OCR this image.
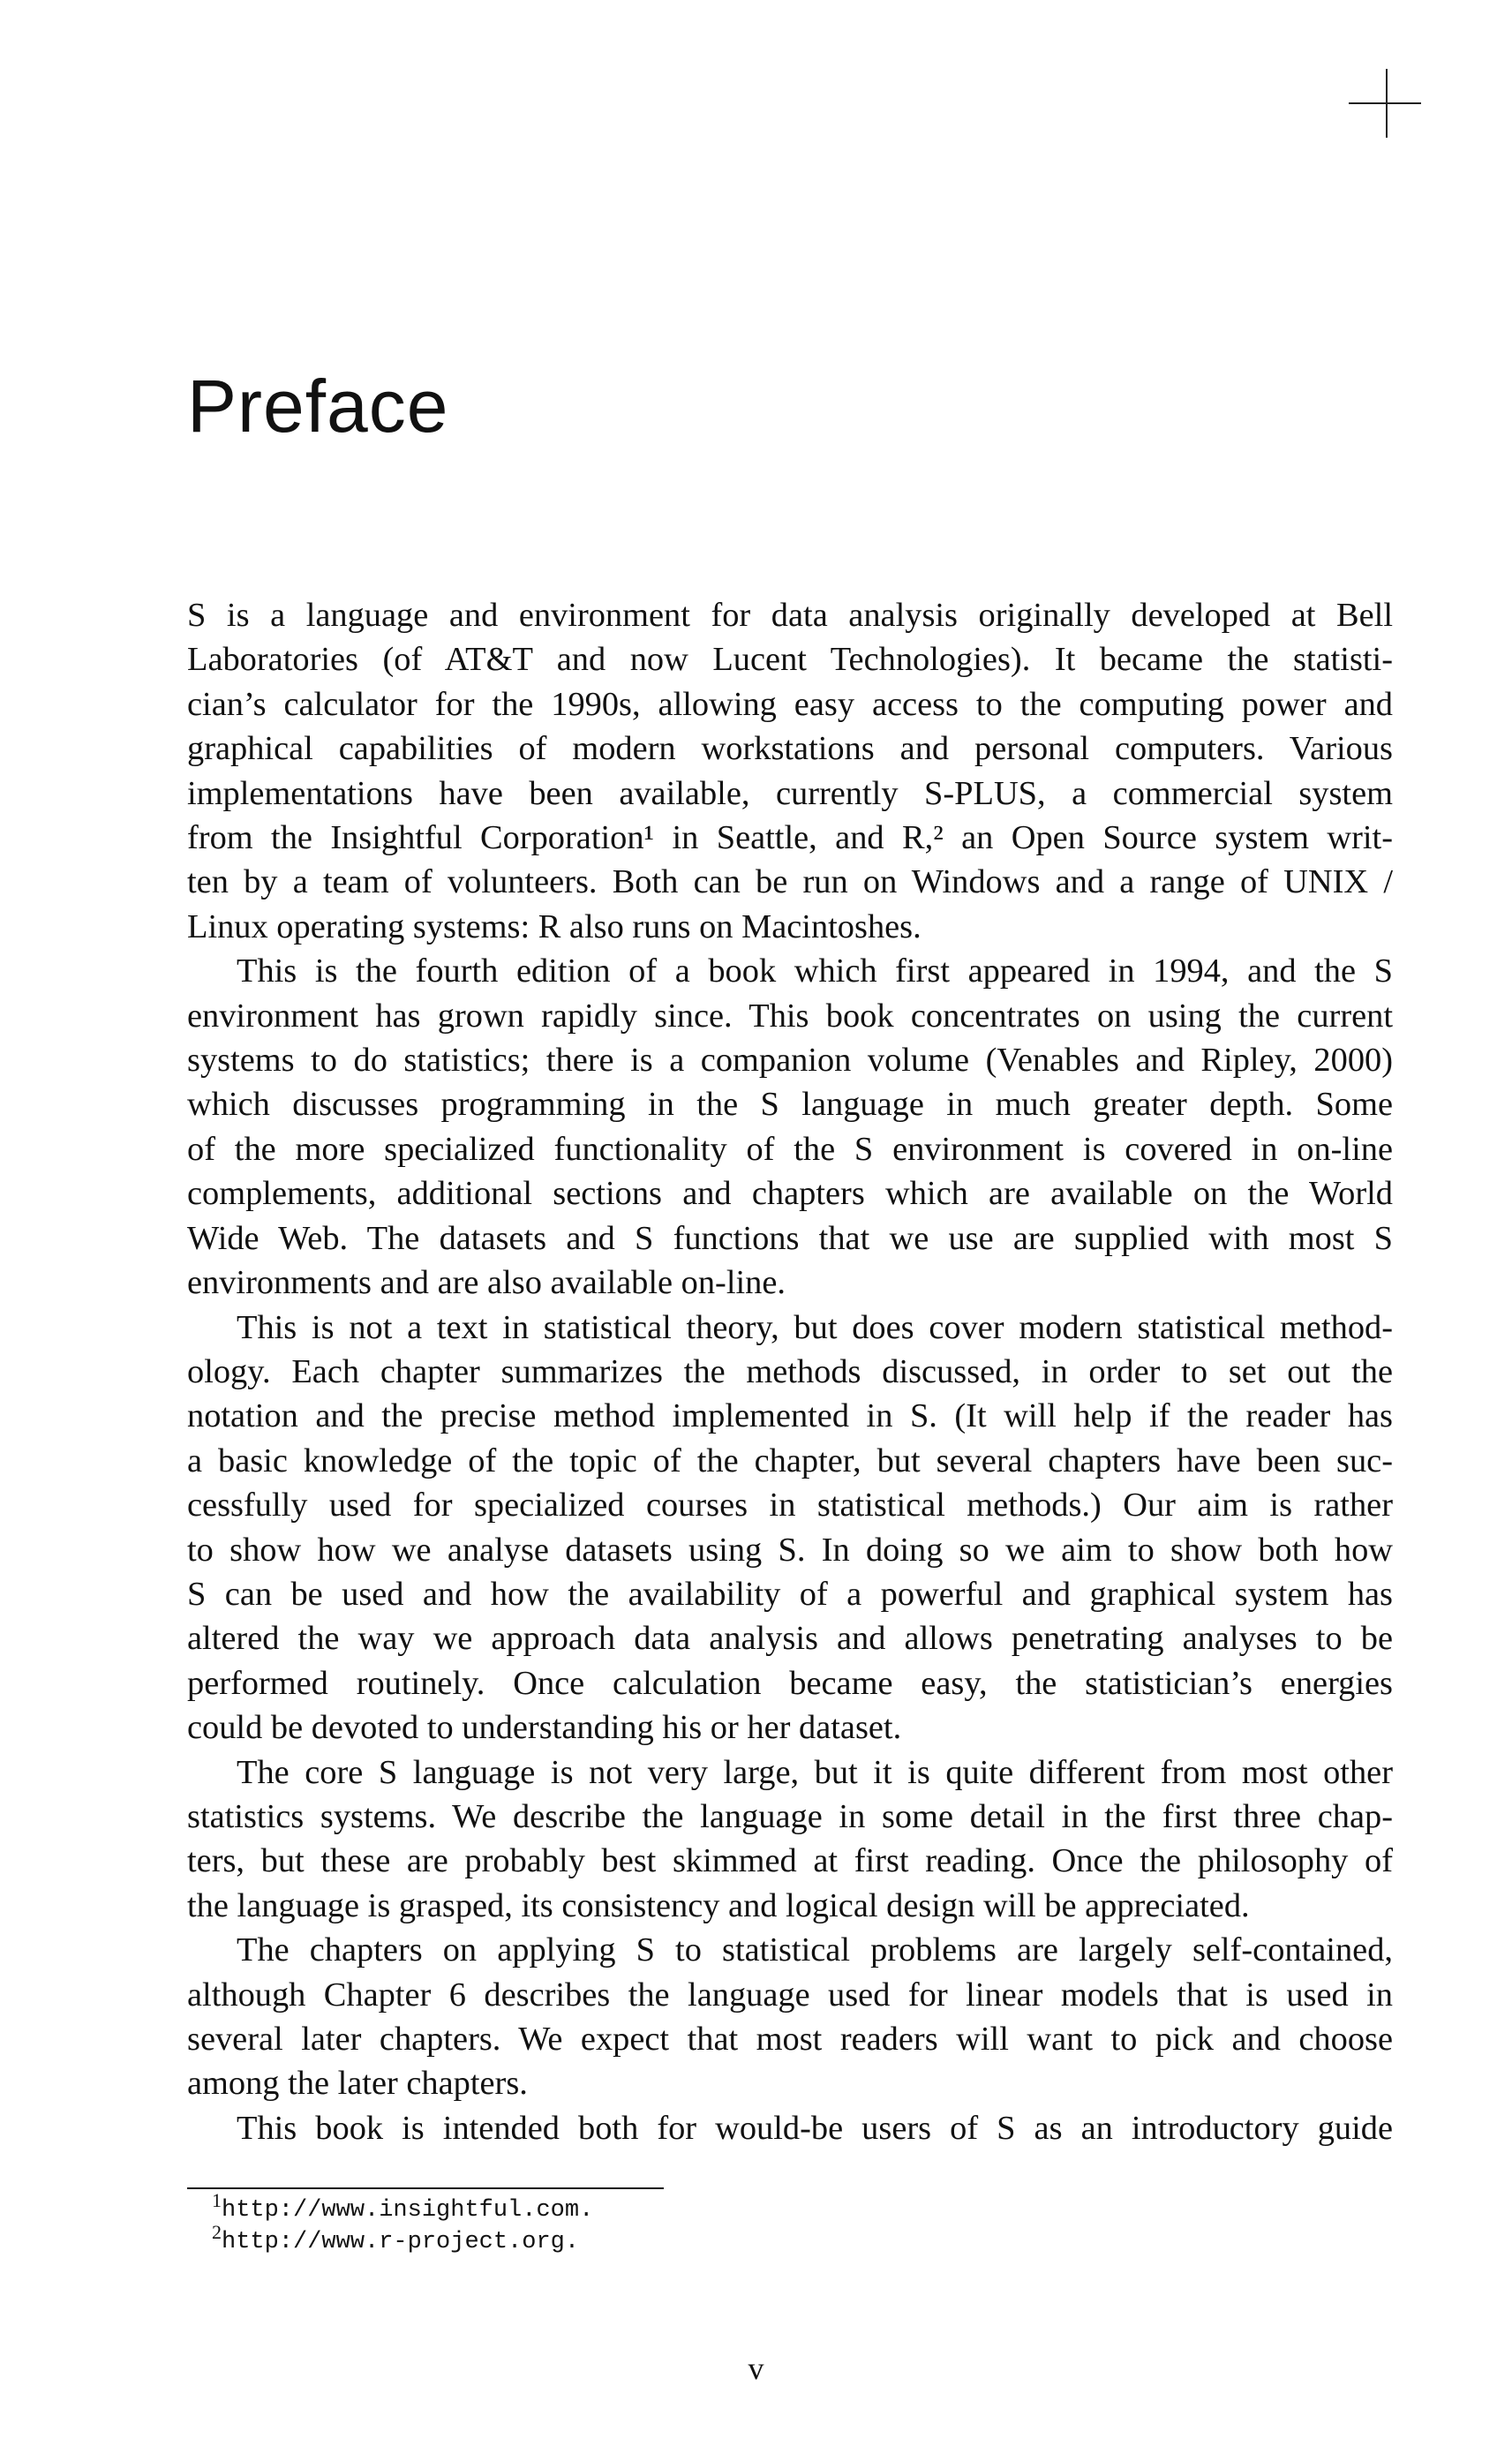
Preface
S is a language and environment for data analysis originally developed at Bell
Laboratories (of AT&T and now Lucent Technologies). It became the statisti-
cian’s calculator for the 1990s, allowing easy access to the computing power and
graphical capabilities of modern workstations and personal computers. Various
implementations have been available, currently S-PLUS, a commercial system
from the Insightful Corporation¹ in Seattle, and R,² an Open Source system writ-
ten by a team of volunteers. Both can be run on Windows and a range of UNIX /
Linux operating systems: R also runs on Macintoshes.
This is the fourth edition of a book which first appeared in 1994, and the S
environment has grown rapidly since. This book concentrates on using the current
systems to do statistics; there is a companion volume (Venables and Ripley, 2000)
which discusses programming in the S language in much greater depth. Some
of the more specialized functionality of the S environment is covered in on-line
complements, additional sections and chapters which are available on the World
Wide Web. The datasets and S functions that we use are supplied with most S
environments and are also available on-line.
This is not a text in statistical theory, but does cover modern statistical method-
ology. Each chapter summarizes the methods discussed, in order to set out the
notation and the precise method implemented in S. (It will help if the reader has
a basic knowledge of the topic of the chapter, but several chapters have been suc-
cessfully used for specialized courses in statistical methods.) Our aim is rather
to show how we analyse datasets using S. In doing so we aim to show both how
S can be used and how the availability of a powerful and graphical system has
altered the way we approach data analysis and allows penetrating analyses to be
performed routinely. Once calculation became easy, the statistician’s energies
could be devoted to understanding his or her dataset.
The core S language is not very large, but it is quite different from most other
statistics systems. We describe the language in some detail in the first three chap-
ters, but these are probably best skimmed at first reading. Once the philosophy of
the language is grasped, its consistency and logical design will be appreciated.
The chapters on applying S to statistical problems are largely self-contained,
although Chapter 6 describes the language used for linear models that is used in
several later chapters. We expect that most readers will want to pick and choose
among the later chapters.
This book is intended both for would-be users of S as an introductory guide
$^1$http://www.insightful.com.
$^2$http://www.r-project.org.
v
